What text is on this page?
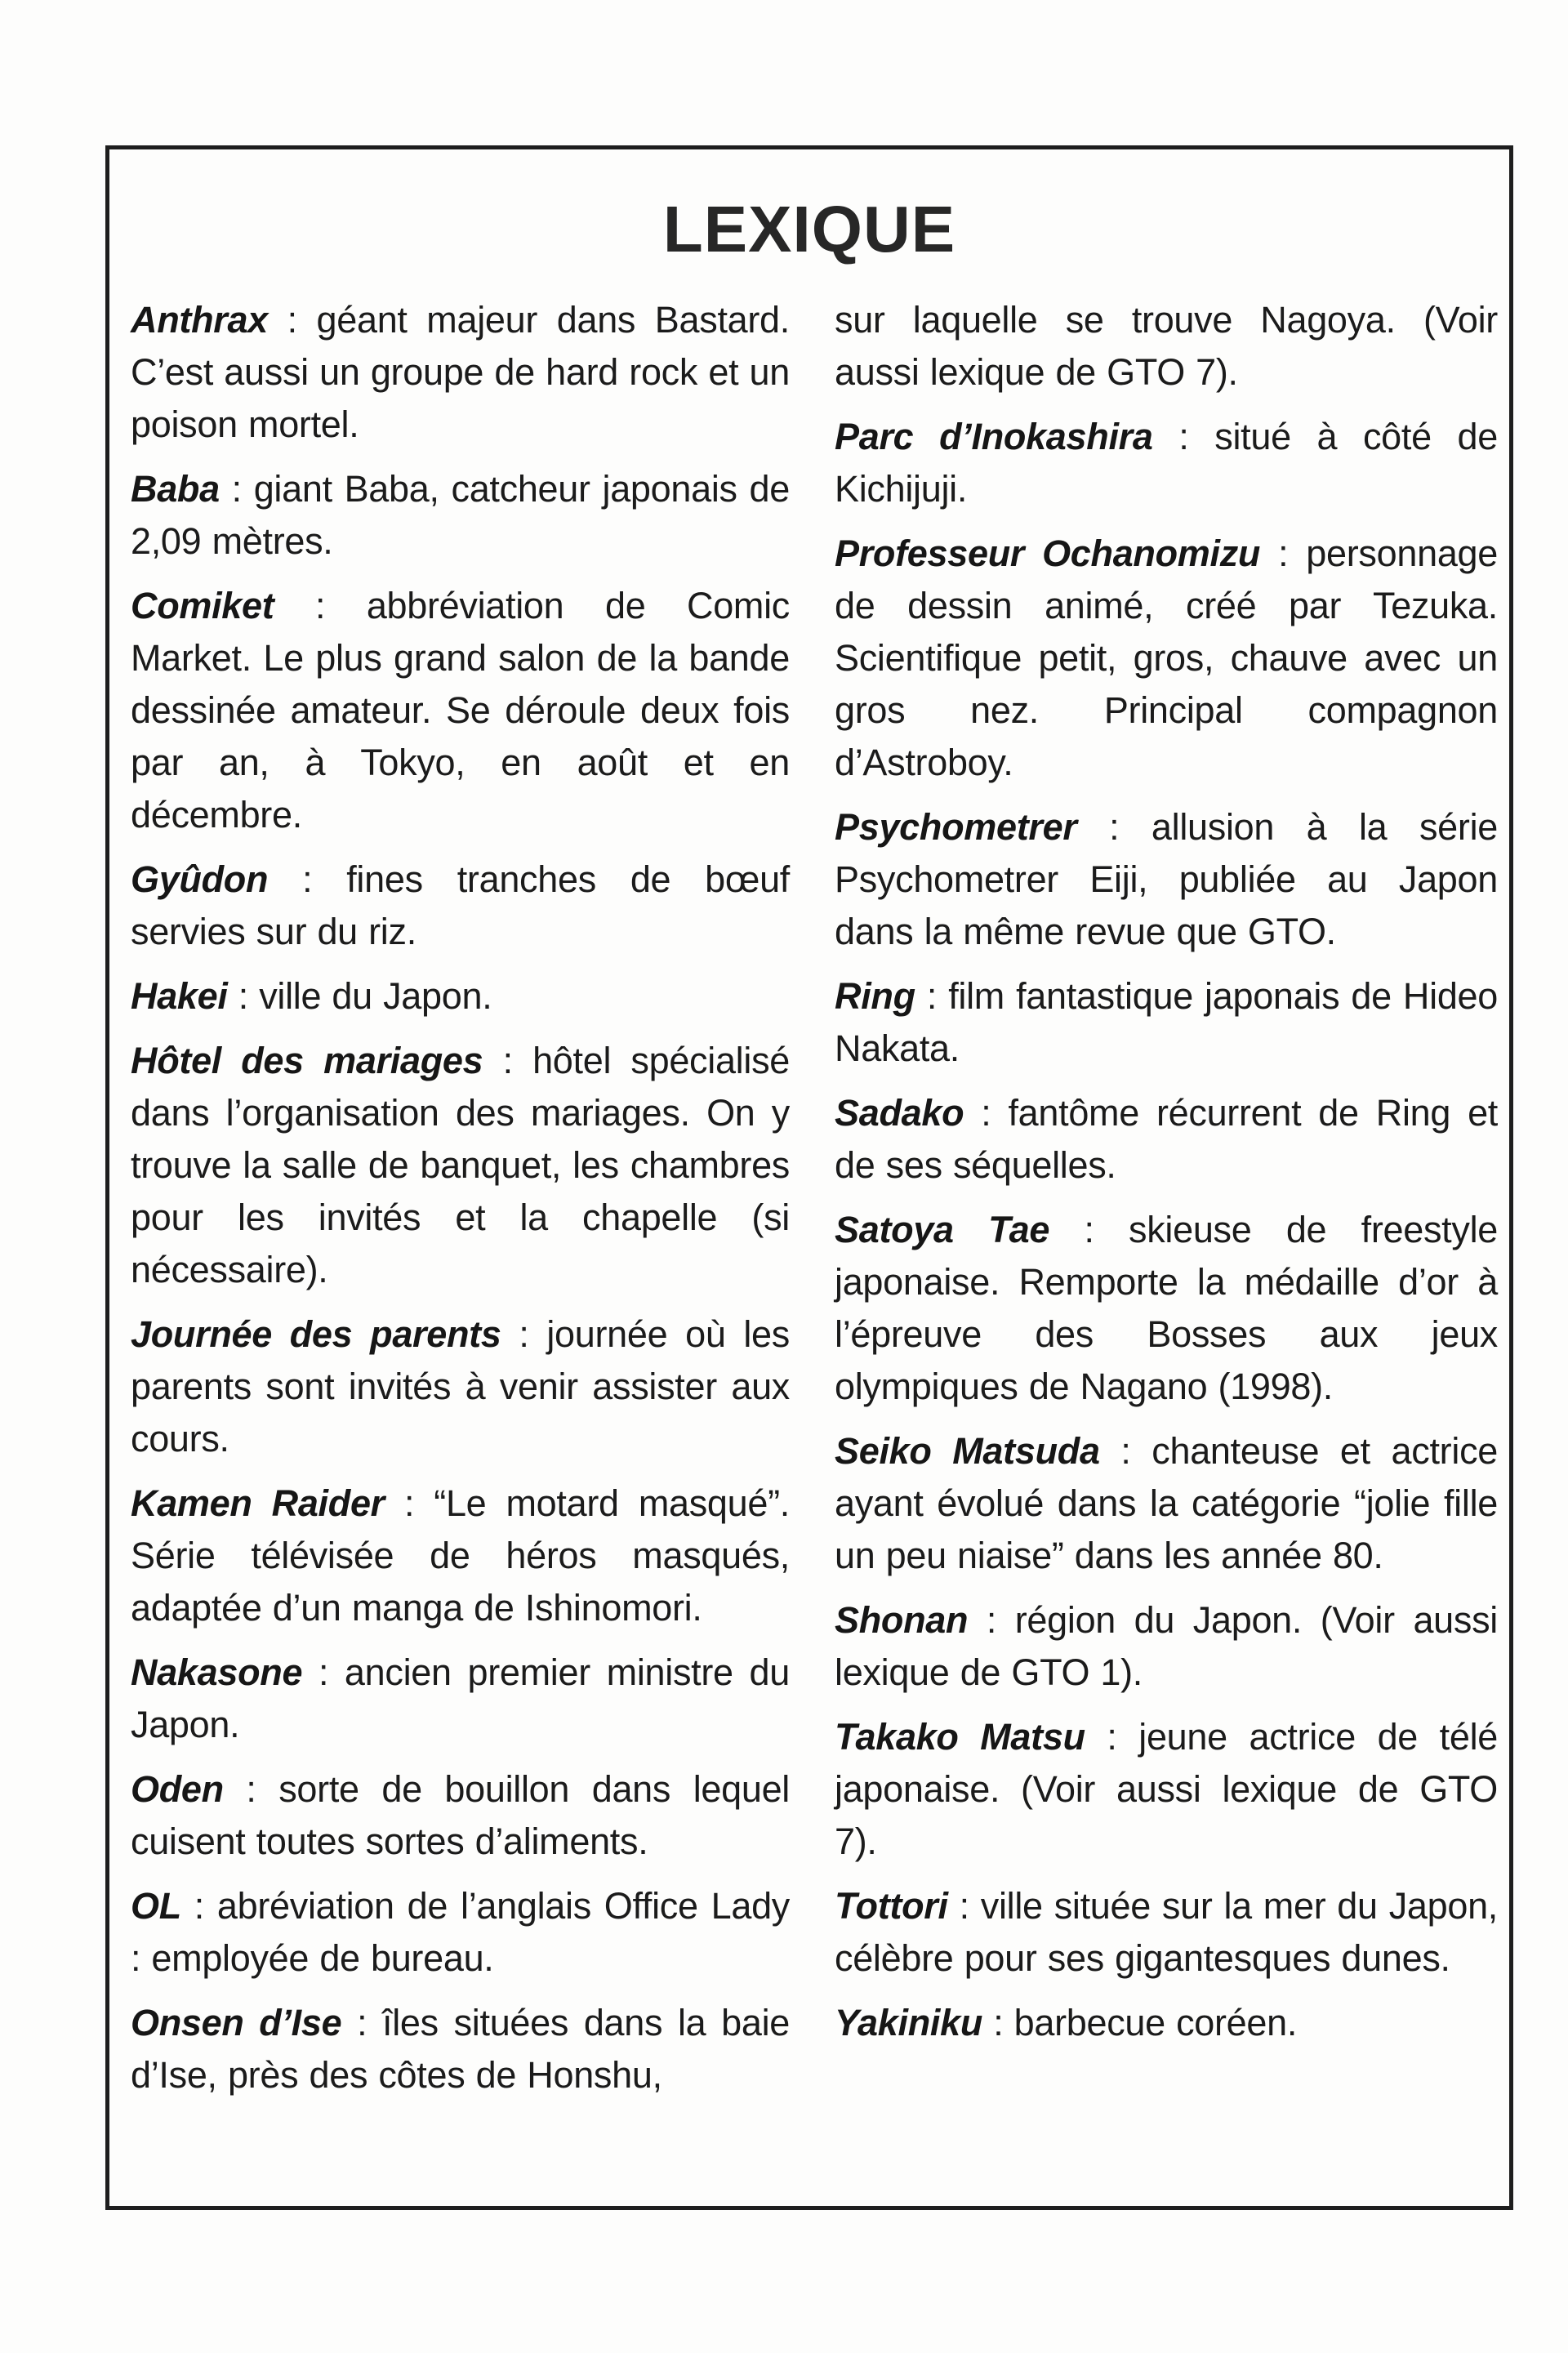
LEXIQUE

Anthrax : géant majeur dans Bastard. C’est aussi un groupe de hard rock et un poison mortel.

Baba : giant Baba, catcheur japonais de 2,09 mètres.

Comiket : abbréviation de Comic Market. Le plus grand salon de la bande dessinée amateur. Se déroule deux fois par an, à Tokyo, en août et en décembre.

Gyûdon : fines tranches de bœuf servies sur du riz.

Hakei : ville du Japon.

Hôtel des mariages : hôtel spécialisé dans l’organisation des mariages. On y trouve la salle de banquet, les chambres pour les invités et la chapelle (si nécessaire).

Journée des parents : journée où les parents sont invités à venir assister aux cours.

Kamen Raider : “Le motard masqué”. Série télévisée de héros masqués, adaptée d’un manga de Ishinomori.

Nakasone : ancien premier ministre du Japon.

Oden : sorte de bouillon dans lequel cuisent toutes sortes d’aliments.

OL : abréviation de l’anglais Office Lady : employée de bureau.

Onsen d’Ise : îles situées dans la baie d’Ise, près des côtes de Honshu,

sur laquelle se trouve Nagoya. (Voir aussi lexique de GTO 7).

Parc d’Inokashira : situé à côté de Kichijuji.

Professeur Ochanomizu : personnage de dessin animé, créé par Tezuka. Scientifique petit, gros, chauve avec un gros nez. Principal compagnon d’Astroboy.

Psychometrer : allusion à la série Psychometrer Eiji, publiée au Japon dans la même revue que GTO.

Ring : film fantastique japonais de Hideo Nakata.

Sadako : fantôme récurrent de Ring et de ses séquelles.

Satoya Tae : skieuse de freestyle japonaise. Remporte la médaille d’or à l’épreuve des Bosses aux jeux olympiques de Nagano (1998).

Seiko Matsuda : chanteuse et actrice ayant évolué dans la catégorie “jolie fille un peu niaise” dans les année 80.

Shonan : région du Japon. (Voir aussi lexique de GTO 1).

Takako Matsu : jeune actrice de télé japonaise. (Voir aussi lexique de GTO 7).

Tottori : ville située sur la mer du Japon, célèbre pour ses gigantesques dunes.

Yakiniku : barbecue coréen.
